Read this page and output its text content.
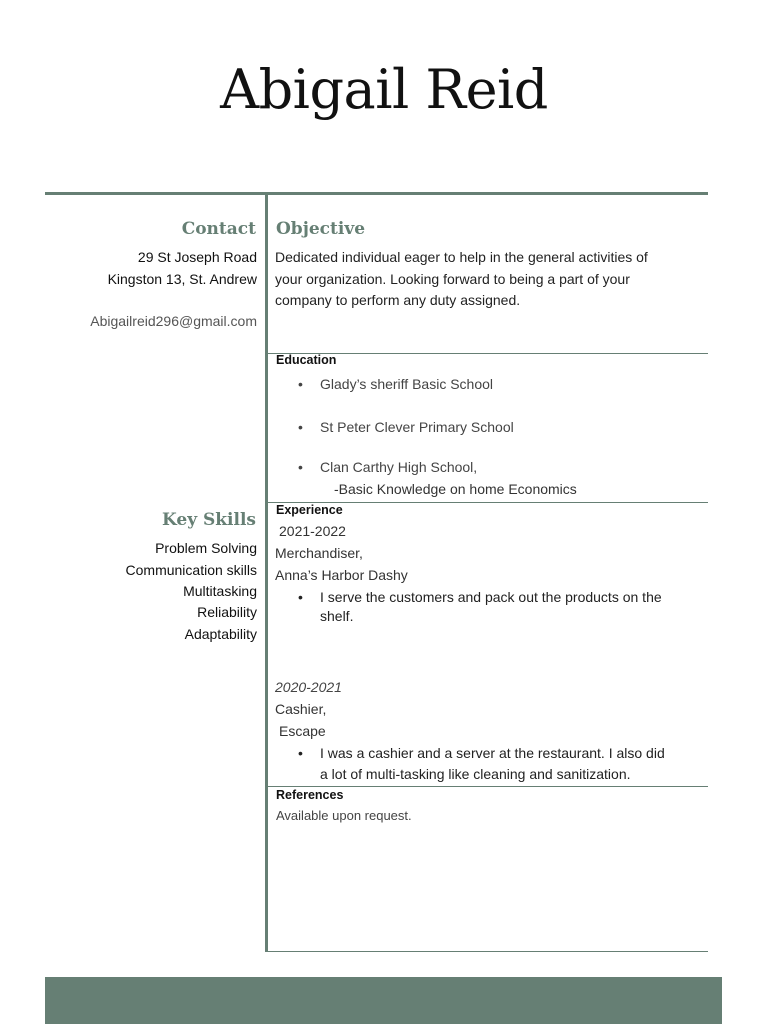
Abigail Reid
Contact

29 St Joseph Road

Kingston 13, St. Andrew

Abigailreid296@gmail.com

Key Skills

Problem Solving

Communication skills

Multitasking

Reliability

Adaptability

Objective

Dedicated individual eager to help in the general activities of

your organization. Looking forward to being a part of your

company to perform any duty assigned.

Education
•	Glady’s sheriff Basic School
•	St Peter Clever Primary School
•	Clan Carthy High School,

-Basic Knowledge on home Economics

Experience

2021-2022

Merchandiser,

Anna’s Harbor Dashy

•	I serve the customers and pack out the products on the
shelf.

2020-2021

Cashier,

Escape

•	I was a cashier and a server at the restaurant. I also did
a lot of multi-tasking like cleaning and sanitization.
References

Available upon request.
